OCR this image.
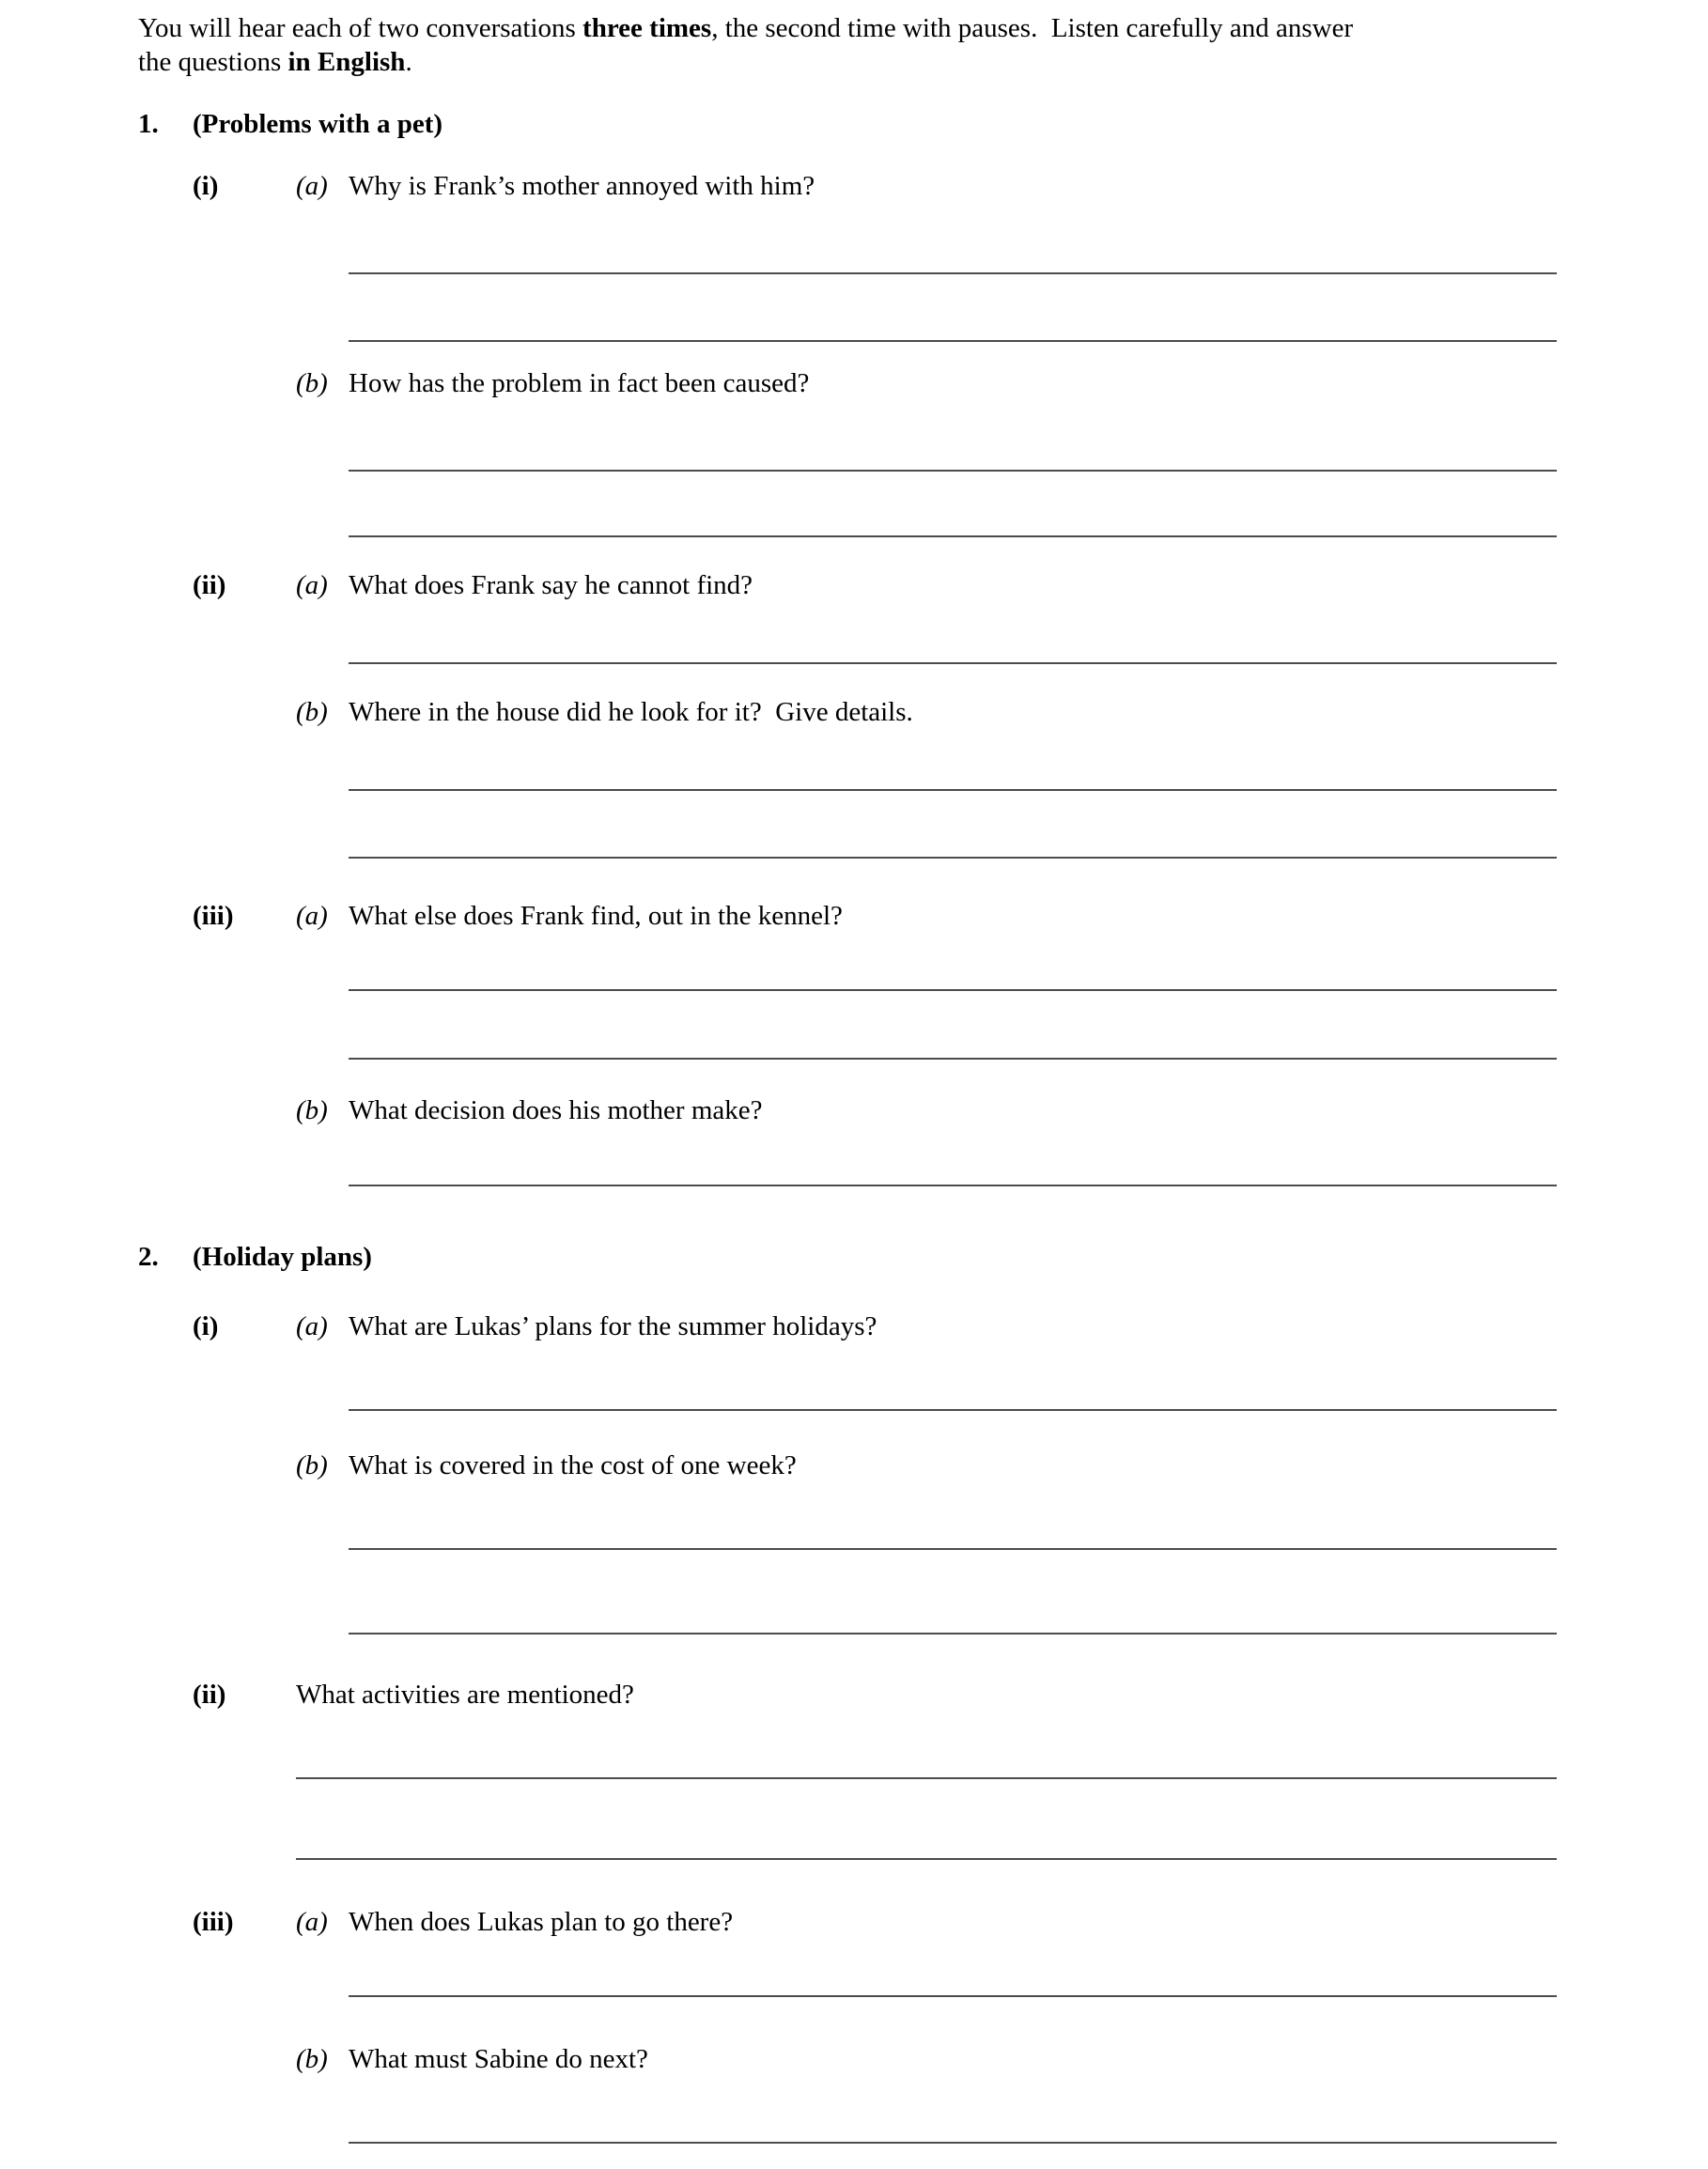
You will hear each of two conversations three times, the second time with pauses.  Listen carefully and answer
the questions in English.

1.	(Problems with a pet)
(i)	(a) Why is Frank’s mother annoyed with him?
(b) How has the problem in fact been caused?
(ii)	(a) What does Frank say he cannot find?
(b) Where in the house did he look for it?  Give details.
(iii)	(a) What else does Frank find, out in the kennel?
(b) What decision does his mother make?
2.	(Holiday plans)
(i)	(a) What are Lukas’ plans for the summer holidays?
(b) What is covered in the cost of one week?
(ii)	What activities are mentioned?
(iii)	(a) When does Lukas plan to go there?
(b) What must Sabine do next?
